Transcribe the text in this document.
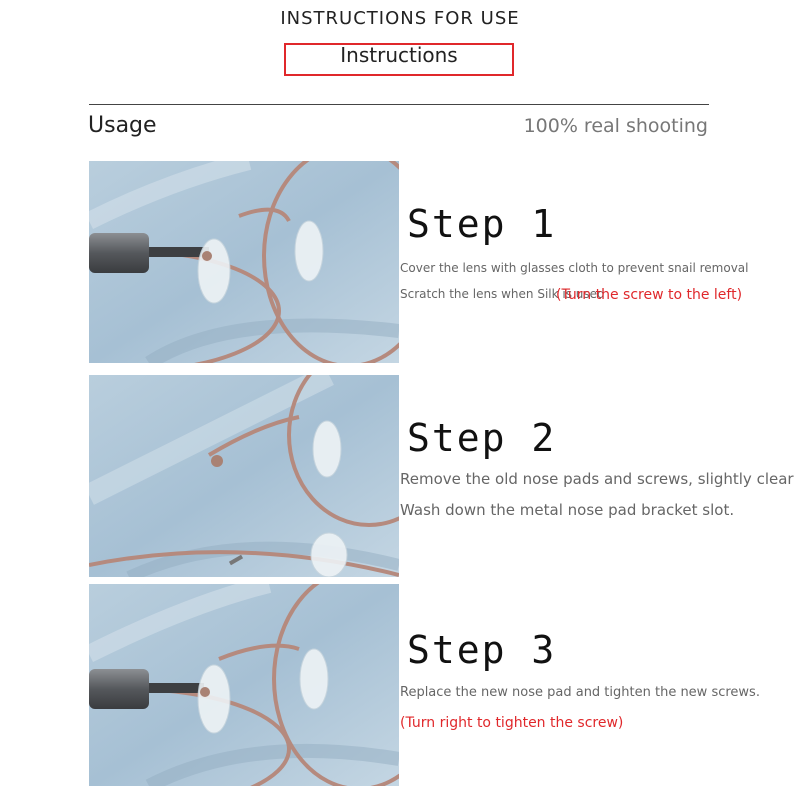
INSTRUCTIONS FOR USE
Instructions
Usage	100% real shooting
Step 1
Cover the lens with glasses cloth to prevent snail removal
Scratch the lens when Silk is used
(Turn the screw to the left)
Step 2
Remove the old nose pads and screws, slightly clear
Wash down the metal nose pad bracket slot.
Step 3
Replace the new nose pad and tighten the new screws.
(Turn right to tighten the screw)
